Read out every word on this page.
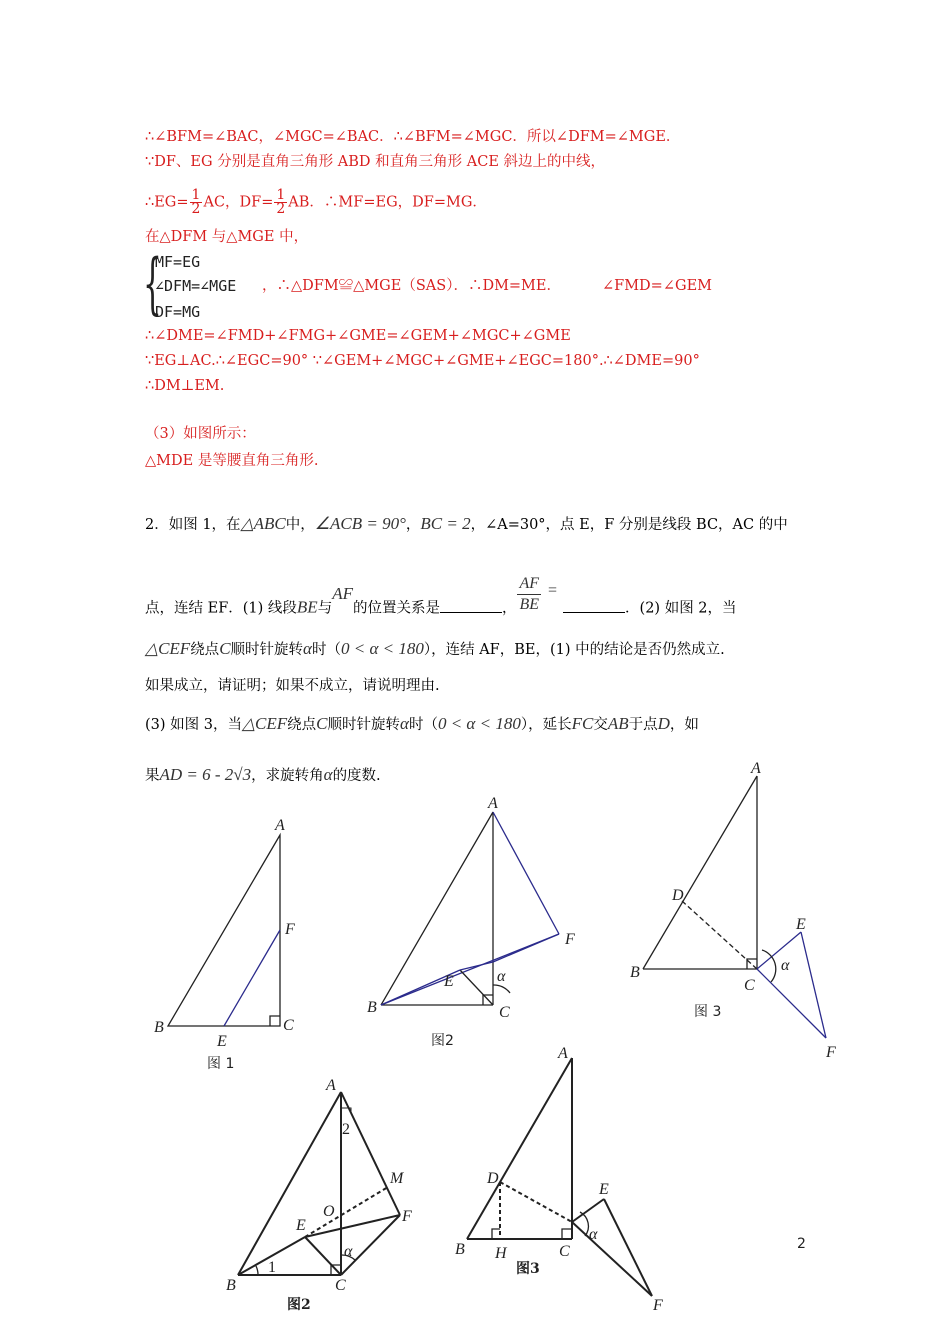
∴∠BFM=∠BAC，∠MGC=∠BAC．∴∠BFM=∠MGC．所以∠DFM=∠MGE．
∵DF、EG 分别是直角三角形 ABD 和直角三角形 ACE 斜边上的中线，
∴EG= $\frac{1}{2}$ AC，$DF= \frac{1}{2}$ AB．∴MF=EG，DF=MG．
在△DFM 与△MGE 中，
{
MF=EG
∠DFM=∠MGE
DF=MG
，∴△DFM≌△MGE（SAS）．∴DM=ME．	∠FMD=∠GEM
∴∠DME=∠FMD+∠FMG+∠GME=∠GEM+∠MGC+∠GME
∵EG⊥AC.∴∠EGC=90° ∵∠GEM+∠MGC+∠GME+∠EGC=180°.∴∠DME=90°
∴DM⊥EM.
（3）如图所示：
△MDE 是等腰直角三角形.
2．如图 1，在△ABC中，∠ACB = 90°，BC = 2，∠A=30°，点 E，F 分别是线段 BC，AC 的中
点，连结 EF．(1) 线段BE与AF的位置关系是	， $\frac{AF}{BE}$ =．(2) 如图 2，当
△CEF绕点C顺时针旋转α时（0 < α < 180），连结 AF，BE，(1) 中的结论是否仍然成立.
如果成立，请证明；如果不成立，请说明理由.
(3) 如图 3，当△CEF绕点C顺时针旋转α时（0 < α < 180），延长FC交AB于点D，如
果AD = 6 - 2√3，求旋转角α的度数.
A
F
B
E
C
图 1
A
F
E	α
B	C
图2
A
D
E
α
B
C
图 3
F
A
2
M
O
E
F
α
1
B	C
图2
A
D
E
α
B H	C
图3
F
2
